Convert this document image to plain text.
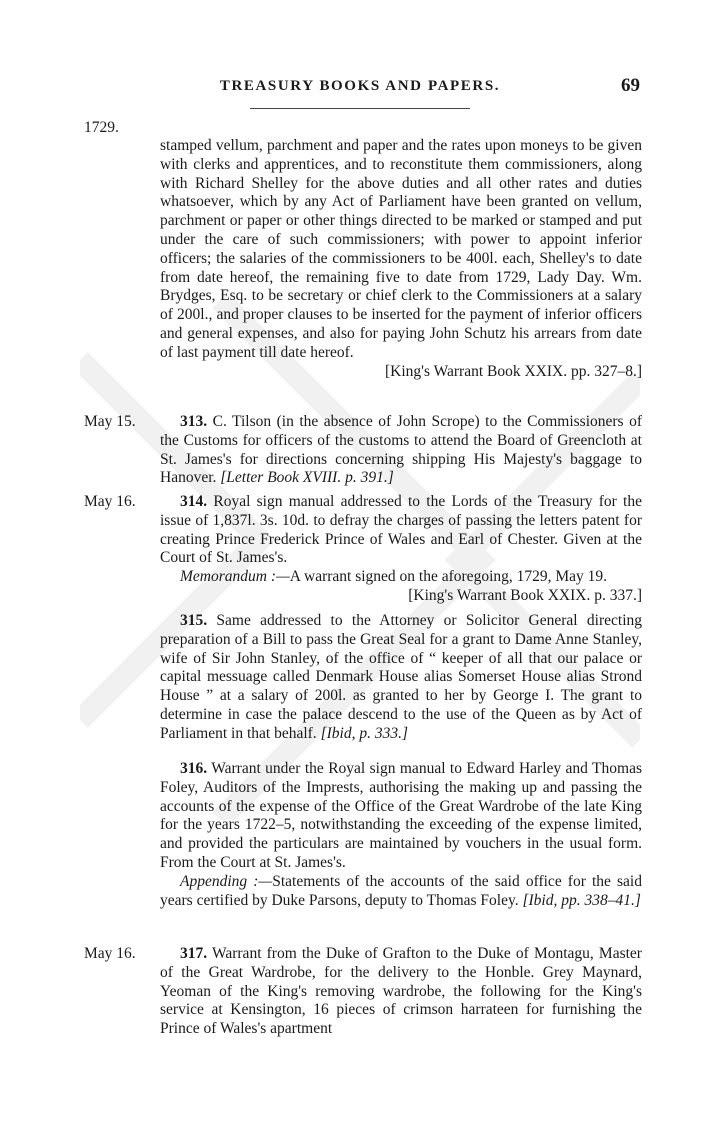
TREASURY BOOKS AND PAPERS.	69
1729.

stamped vellum, parchment and paper and the rates upon moneys to be given with clerks and apprentices, and to reconstitute them commissioners, along with Richard Shelley for the above duties and all other rates and duties whatsoever, which by any Act of Parliament have been granted on vellum, parchment or paper or other things directed to be marked or stamped and put under the care of such commissioners; with power to appoint inferior officers; the salaries of the commissioners to be 400l. each, Shelley's to date from date hereof, the remaining five to date from 1729, Lady Day. Wm. Brydges, Esq. to be secretary or chief clerk to the Commissioners at a salary of 200l., and proper clauses to be inserted for the payment of inferior officers and general expenses, and also for paying John Schutz his arrears from date of last payment till date hereof.

[King's Warrant Book XXIX. pp. 327–8.]
May 15.	313. C. Tilson (in the absence of John Scrope) to the Commissioners of the Customs for officers of the customs to attend the Board of Greencloth at St. James's for directions concerning shipping His Majesty's baggage to Hanover. [Letter Book XVIII. p. 391.]

May 16.	314. Royal sign manual addressed to the Lords of the Treasury for the issue of 1,837l. 3s. 10d. to defray the charges of passing the letters patent for creating Prince Frederick Prince of Wales and Earl of Chester. Given at the Court of St. James's.

Memorandum :—A warrant signed on the aforegoing, 1729, May 19.

[King's Warrant Book XXIX. p. 337.]

315. Same addressed to the Attorney or Solicitor General directing preparation of a Bill to pass the Great Seal for a grant to Dame Anne Stanley, wife of Sir John Stanley, of the office of “ keeper of all that our palace or capital messuage called Denmark House alias Somerset House alias Strond House ” at a salary of 200l. as granted to her by George I. The grant to determine in case the palace descend to the use of the Queen as by Act of Parliament in that behalf. [Ibid, p. 333.]

316. Warrant under the Royal sign manual to Edward Harley and Thomas Foley, Auditors of the Imprests, authorising the making up and passing the accounts of the expense of the Office of the Great Wardrobe of the late King for the years 1722–5, notwithstanding the exceeding of the expense limited, and provided the particulars are maintained by vouchers in the usual form. From the Court at St. James's.

Appending :—Statements of the accounts of the said office for the said years certified by Duke Parsons, deputy to Thomas Foley. [Ibid, pp. 338–41.]

May 16.	317. Warrant from the Duke of Grafton to the Duke of Montagu, Master of the Great Wardrobe, for the delivery to the Honble. Grey Maynard, Yeoman of the King's removing wardrobe, the following for the King's service at Kensington, 16 pieces of crimson harrateen for furnishing the Prince of Wales's apartment
